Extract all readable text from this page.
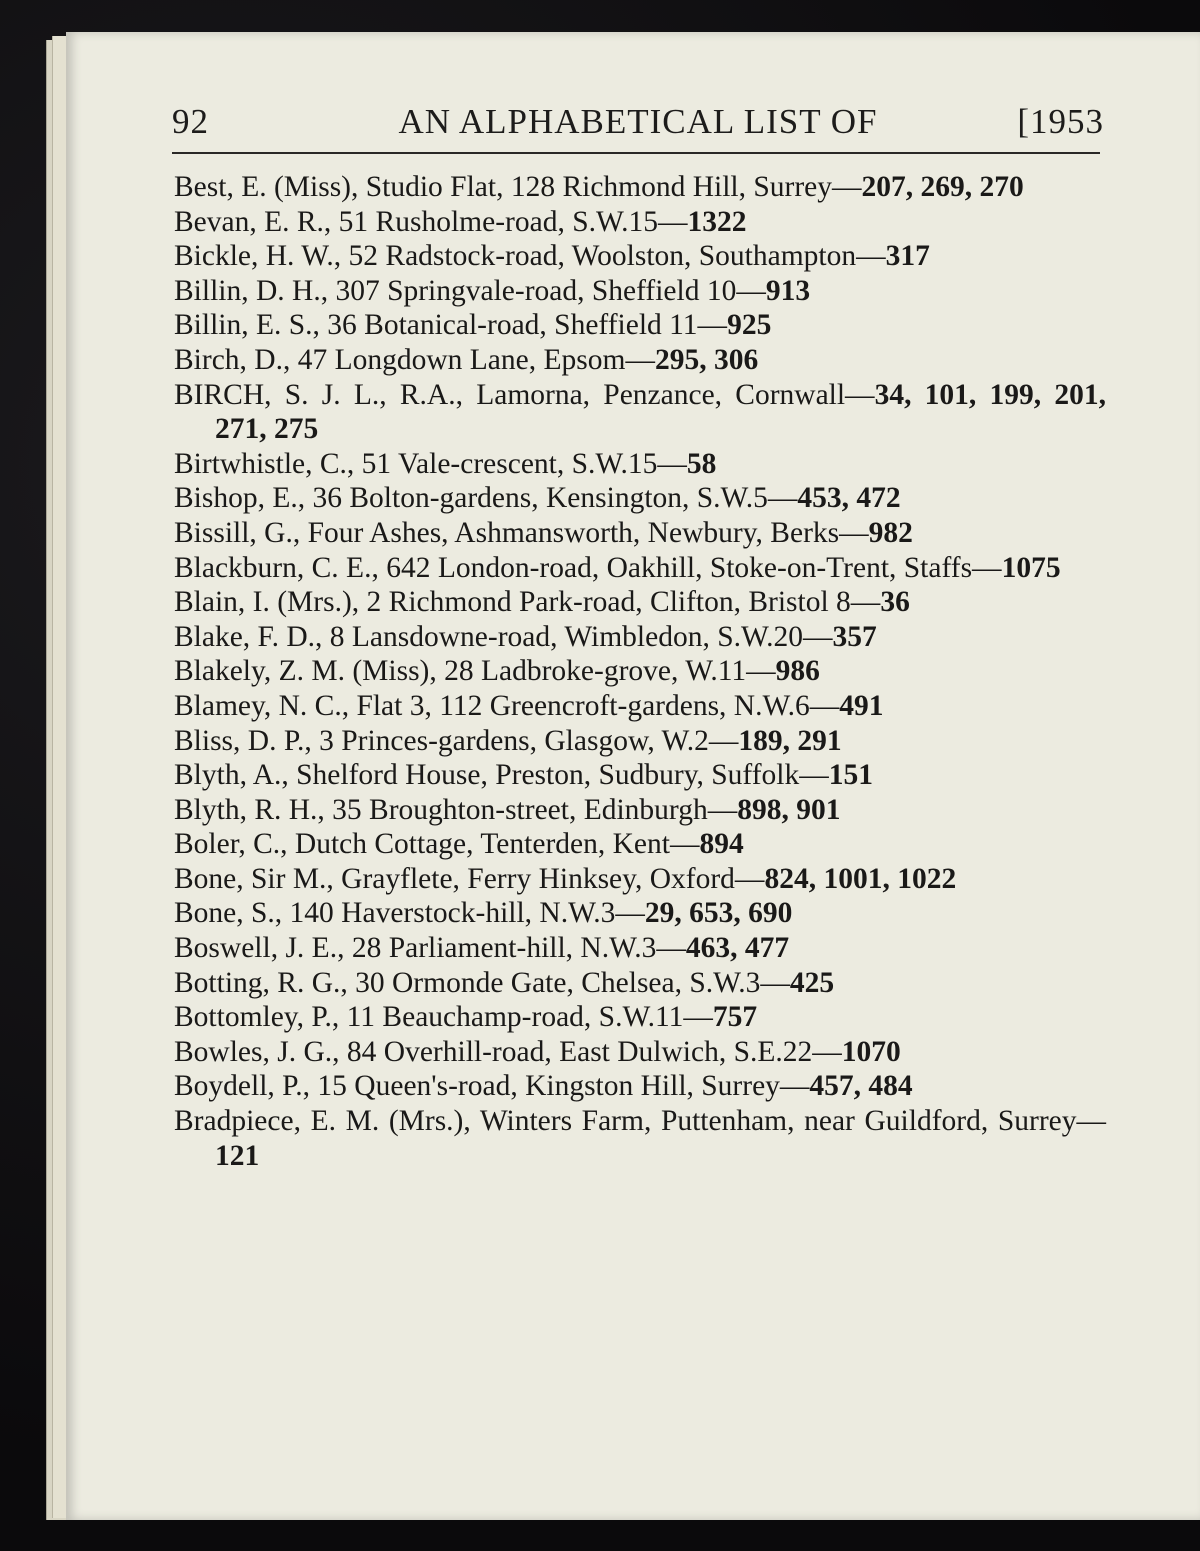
92	AN ALPHABETICAL LIST OF	[1953
Best, E. (Miss), Studio Flat, 128 Richmond Hill, Surrey—207, 269, 270
Bevan, E. R., 51 Rusholme-road, S.W.15—1322
Bickle, H. W., 52 Radstock-road, Woolston, Southampton—317
Billin, D. H., 307 Springvale-road, Sheffield 10—913
Billin, E. S., 36 Botanical-road, Sheffield 11—925
Birch, D., 47 Longdown Lane, Epsom—295, 306
BIRCH, S. J. L., R.A., Lamorna, Penzance, Cornwall—34, 101, 199, 201, 271, 275
Birtwhistle, C., 51 Vale-crescent, S.W.15—58
Bishop, E., 36 Bolton-gardens, Kensington, S.W.5—453, 472
Bissill, G., Four Ashes, Ashmansworth, Newbury, Berks—982
Blackburn, C. E., 642 London-road, Oakhill, Stoke-on-Trent, Staffs—1075
Blain, I. (Mrs.), 2 Richmond Park-road, Clifton, Bristol 8—36
Blake, F. D., 8 Lansdowne-road, Wimbledon, S.W.20—357
Blakely, Z. M. (Miss), 28 Ladbroke-grove, W.11—986
Blamey, N. C., Flat 3, 112 Greencroft-gardens, N.W.6—491
Bliss, D. P., 3 Princes-gardens, Glasgow, W.2—189, 291
Blyth, A., Shelford House, Preston, Sudbury, Suffolk—151
Blyth, R. H., 35 Broughton-street, Edinburgh—898, 901
Boler, C., Dutch Cottage, Tenterden, Kent—894
Bone, Sir M., Grayflete, Ferry Hinksey, Oxford—824, 1001, 1022
Bone, S., 140 Haverstock-hill, N.W.3—29, 653, 690
Boswell, J. E., 28 Parliament-hill, N.W.3—463, 477
Botting, R. G., 30 Ormonde Gate, Chelsea, S.W.3—425
Bottomley, P., 11 Beauchamp-road, S.W.11—757
Bowles, J. G., 84 Overhill-road, East Dulwich, S.E.22—1070
Boydell, P., 15 Queen's-road, Kingston Hill, Surrey—457, 484
Bradpiece, E. M. (Mrs.), Winters Farm, Puttenham, near Guildford, Surrey—121
